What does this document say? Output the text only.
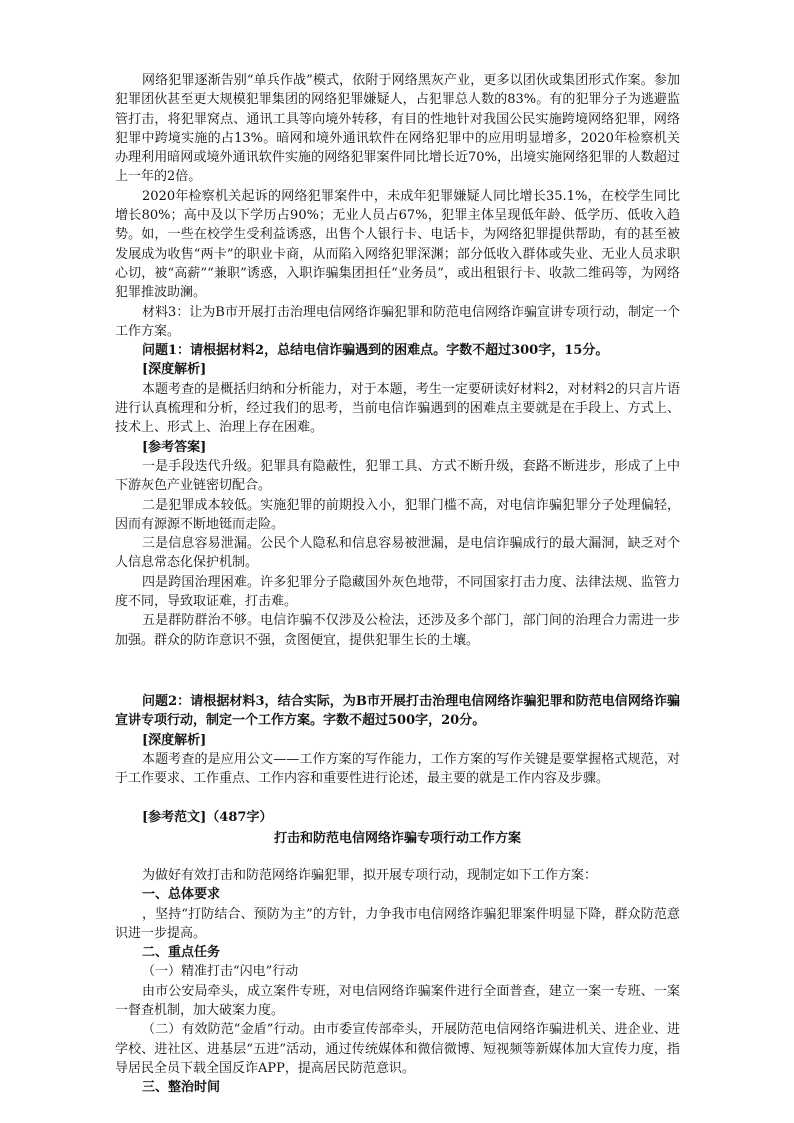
网络犯罪逐渐告别“单兵作战”模式，依附于网络黑灰产业，更多以团伙或集团形式作案。参加犯罪团伙甚至更大规模犯罪集团的网络犯罪嫌疑人，占犯罪总人数的83%。有的犯罪分子为逃避监管打击，将犯罪窝点、通讯工具等向境外转移，有目的性地针对我国公民实施跨境网络犯罪，网络犯罪中跨境实施的占13%。暗网和境外通讯软件在网络犯罪中的应用明显增多，2020年检察机关办理利用暗网或境外通讯软件实施的网络犯罪案件同比增长近70%，出境实施网络犯罪的人数超过上一年的2倍。

2020年检察机关起诉的网络犯罪案件中，未成年犯罪嫌疑人同比增长35.1%，在校学生同比增长80%；高中及以下学历占90%；无业人员占67%，犯罪主体呈现低年龄、低学历、低收入趋势。如，一些在校学生受利益诱惑，出售个人银行卡、电话卡，为网络犯罪提供帮助，有的甚至被发展成为收售“两卡”的职业卡商，从而陷入网络犯罪深渊；部分低收入群体或失业、无业人员求职心切，被“高薪”“兼职”诱惑，入职诈骗集团担任“业务员”，或出租银行卡、收款二维码等，为网络犯罪推波助澜。

材料3：让为B市开展打击治理电信网络诈骗犯罪和防范电信网络诈骗宣讲专项行动，制定一个工作方案。

问题1：请根据材料2，总结电信诈骗遇到的困难点。字数不超过300字，15分。

[深度解析]

本题考查的是概括归纳和分析能力，对于本题，考生一定要研读好材料2，对材料2的只言片语进行认真梳理和分析，经过我们的思考，当前电信诈骗遇到的困难点主要就是在手段上、方式上、技术上、形式上、治理上存在困难。

[参考答案]

一是手段迭代升级。犯罪具有隐蔽性，犯罪工具、方式不断升级，套路不断进步，形成了上中下游灰色产业链密切配合。

二是犯罪成本较低。实施犯罪的前期投入小，犯罪门槛不高，对电信诈骗犯罪分子处理偏轻，因而有源源不断地铤而走险。

三是信息容易泄漏。公民个人隐私和信息容易被泄漏，是电信诈骗成行的最大漏洞，缺乏对个人信息常态化保护机制。

四是跨国治理困难。许多犯罪分子隐藏国外灰色地带，不同国家打击力度、法律法规、监管力度不同，导致取证难，打击难。

五是群防群治不够。电信诈骗不仅涉及公检法，还涉及多个部门，部门间的治理合力需进一步加强。群众的防诈意识不强，贪图便宜，提供犯罪生长的土壤。

问题2：请根据材料3，结合实际，为B市开展打击治理电信网络诈骗犯罪和防范电信网络诈骗宣讲专项行动，制定一个工作方案。字数不超过500字，20分。

[深度解析]

本题考查的是应用公文——工作方案的写作能力，工作方案的写作关键是要掌握格式规范，对于工作要求、工作重点、工作内容和重要性进行论述，最主要的就是工作内容及步骤。

[参考范文]（487字）

打击和防范电信网络诈骗专项行动工作方案

为做好有效打击和防范网络诈骗犯罪，拟开展专项行动，现制定如下工作方案：

一、总体要求

，坚持“打防结合、预防为主”的方针，力争我市电信网络诈骗犯罪案件明显下降，群众防范意识进一步提高。

二、重点任务

（一）精准打击“闪电”行动

由市公安局牵头，成立案件专班，对电信网络诈骗案件进行全面普查，建立一案一专班、一案一督查机制，加大破案力度。

（二）有效防范“金盾”行动。由市委宣传部牵头，开展防范电信网络诈骗进机关、进企业、进学校、进社区、进基层“五进”活动，通过传统媒体和微信微博、短视频等新媒体加大宣传力度，指导居民全员下载全国反诈APP，提高居民防范意识。

三、整治时间
